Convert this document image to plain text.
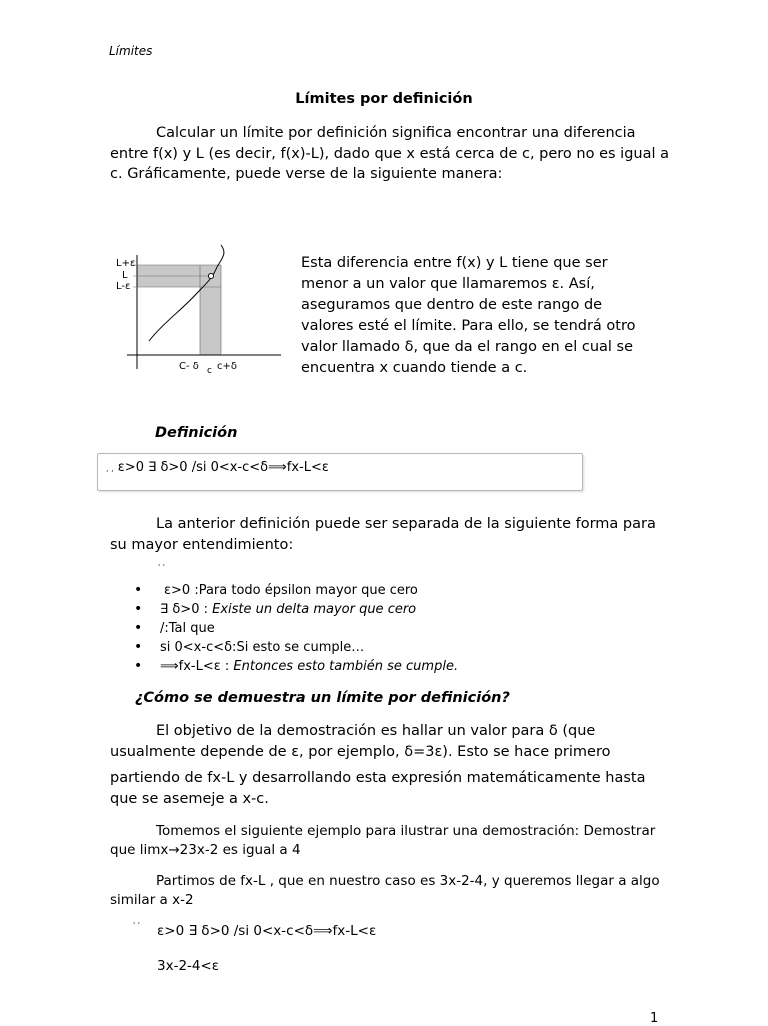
Límites
Límites por definición
Calcular un límite por definición significa encontrar una diferencia entre f(x) y L (es decir, f(x)-L), dado que x está cerca de c, pero no es igual a c. Gráficamente, puede verse de la siguiente manera:
L+ε
L
L-ε
C- δ c c+δ
Esta diferencia entre f(x) y L tiene que ser menor a un valor que llamaremos ε. Así, aseguramos que dentro de este rango de valores esté el límite. Para ello, se tendrá otro valor llamado δ, que da el rango en el cual se encuentra x cuando tiende a c.
Definición
, , ε>0 ∃ δ>0 /si 0<x-c<δ⟹fx-L<ε
La anterior definición puede ser separada de la siguiente forma para su mayor entendimiento:
' '
• ε>0 :Para todo épsilon mayor que cero
• ∃ δ>0 : Existe un delta mayor que cero
• /:Tal que
• si 0<x-c<δ:Si esto se cumple…
• ⟹fx-L<ε : Entonces esto también se cumple.
¿Cómo se demuestra un límite por definición?
El objetivo de la demostración es hallar un valor para δ (que usualmente depende de ε, por ejemplo, δ=3ε). Esto se hace primero
partiendo de fx-L y desarrollando esta expresión matemáticamente hasta que se asemeje a x-c.
Tomemos el siguiente ejemplo para ilustrar una demostración: Demostrar que limx→23x-2 es igual a 4
Partimos de fx-L , que en nuestro caso es 3x-2-4, y queremos llegar a algo similar a x-2
' ' ε>0 ∃ δ>0 /si 0<x-c<δ⟹fx-L<ε
3x-2-4<ε
1
